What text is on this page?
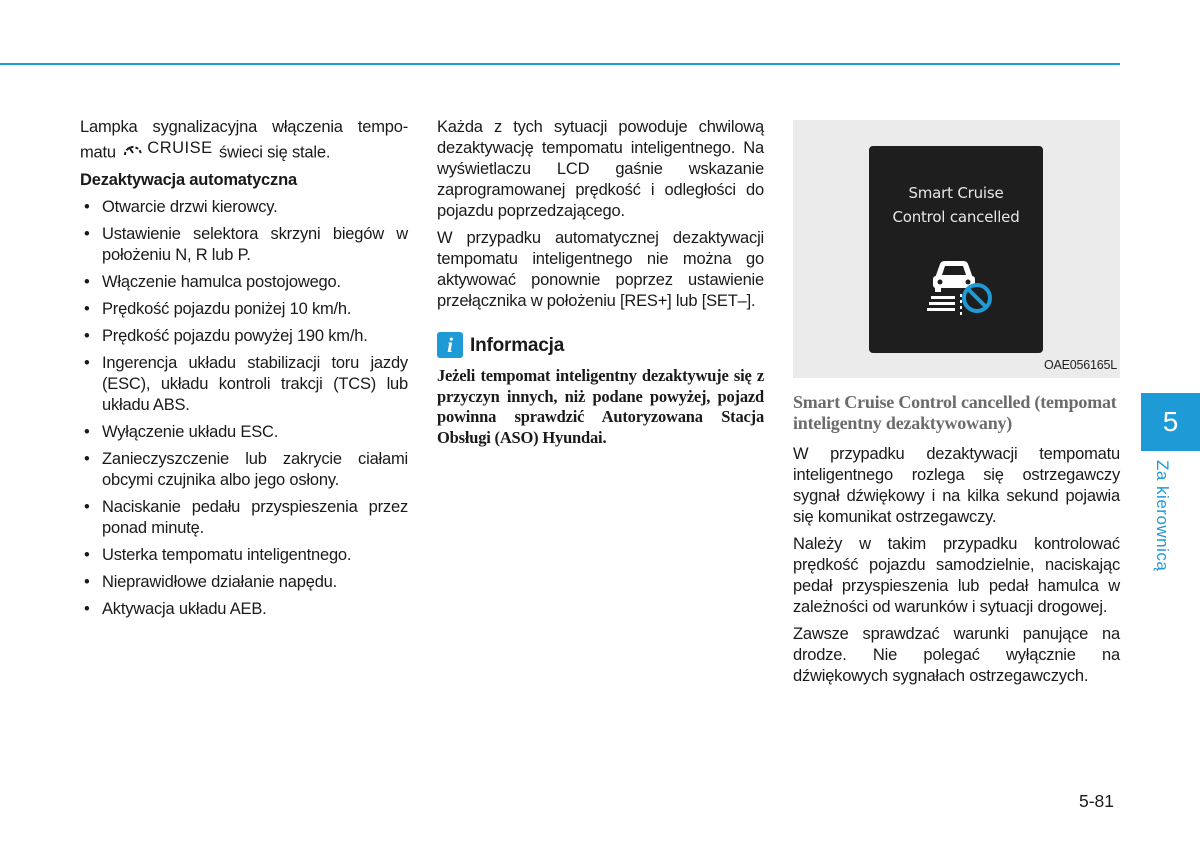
Lampka sygnalizacyjna włączenia tempo-matu CRUISE świeci się stale.

Dezaktywacja automatyczna
• Otwarcie drzwi kierowcy.
• Ustawienie selektora skrzyni biegów w położeniu N, R lub P.
• Włączenie hamulca postojowego.
• Prędkość pojazdu poniżej 10 km/h.
• Prędkość pojazdu powyżej 190 km/h.
• Ingerencja układu stabilizacji toru jazdy (ESC), układu kontroli trakcji (TCS) lub układu ABS.
• Wyłączenie układu ESC.
• Zanieczyszczenie lub zakrycie ciałami obcymi czujnika albo jego osłony.
• Naciskanie pedału przyspieszenia przez ponad minutę.
• Usterka tempomatu inteligentnego.
• Nieprawidłowe działanie napędu.
• Aktywacja układu AEB.

Każda z tych sytuacji powoduje chwilową dezaktywację tempomatu inteligentnego. Na wyświetlaczu LCD gaśnie wskazanie zaprogramowanej prędkość i odległości do pojazdu poprzedzającego.

W przypadku automatycznej dezaktywacji tempomatu inteligentnego nie można go aktywować ponownie poprzez ustawienie przełącznika w położeniu [RES+] lub [SET–].

i Informacja
Jeżeli tempomat inteligentny dezaktywuje się z przyczyn innych, niż podane powyżej, pojazd powinna sprawdzić Autoryzowana Stacja Obsługi (ASO) Hyundai.
Smart Cruise
Control cancelled
OAE056165L
Smart Cruise Control cancelled (tempomat inteligentny dezaktywowany)

W przypadku dezaktywacji tempomatu inteligentnego rozlega się ostrzegawczy sygnał dźwiękowy i na kilka sekund pojawia się komunikat ostrzegawczy.

Należy w takim przypadku kontrolować prędkość pojazdu samodzielnie, naciskając pedał przyspieszenia lub pedał hamulca w zależności od warunków i sytuacji drogowej.

Zawsze sprawdzać warunki panujące na drodze. Nie polegać wyłącznie na dźwiękowych sygnałach ostrzegawczych.

5
Za kierownicą
5-81
